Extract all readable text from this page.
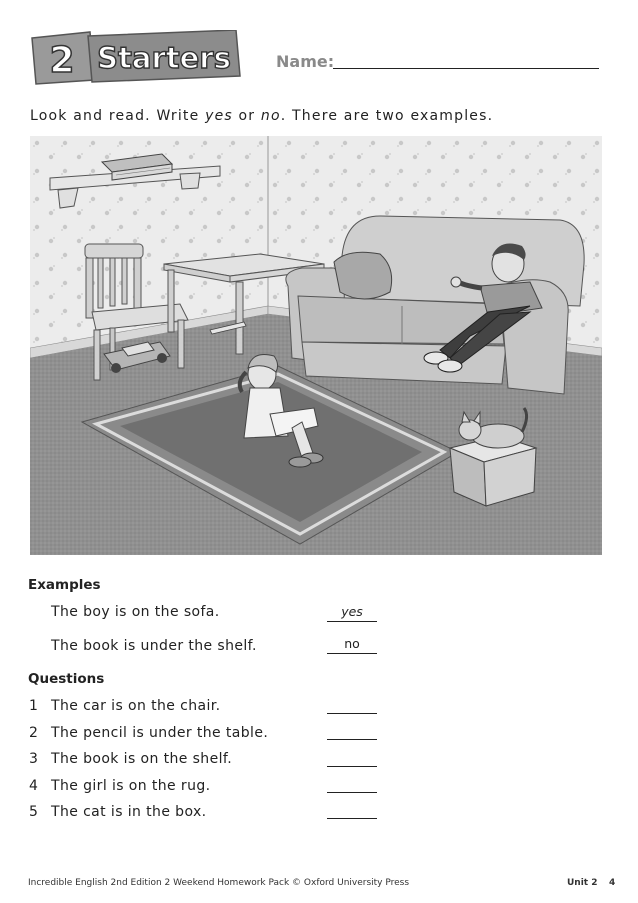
2 Starters	Name:
Look and read. Write yes or no. There are two examples.
Examples
The boy is on the sofa.	yes
The book is under the shelf.	no
Questions
1 The car is on the chair.
2 The pencil is under the table.
3 The book is on the shelf.
4 The girl is on the rug.
5 The cat is in the box.
Incredible English 2nd Edition 2 Weekend Homework Pack © Oxford University Press	Unit 2 4
